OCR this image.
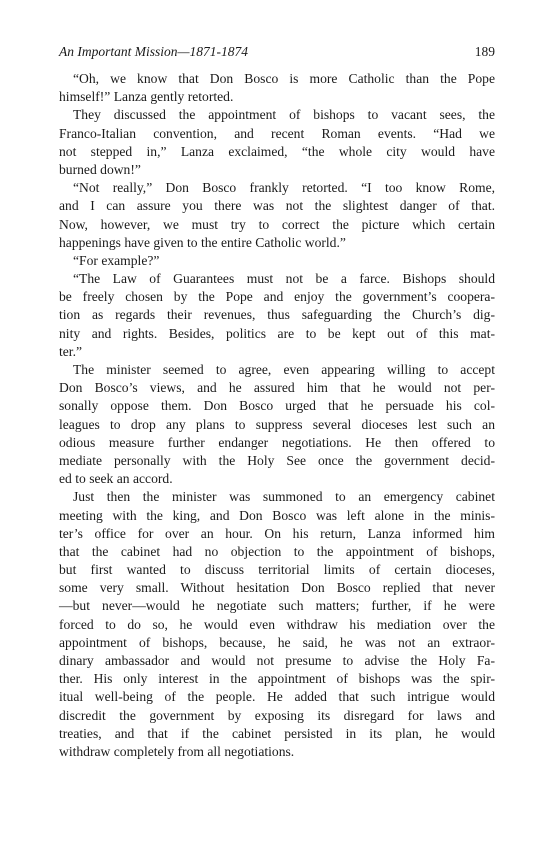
An Important Mission—1871-1874	189
“Oh, we know that Don Bosco is more Catholic than the Pope
himself!” Lanza gently retorted.
They discussed the appointment of bishops to vacant sees, the
Franco-Italian convention, and recent Roman events. “Had we
not stepped in,” Lanza exclaimed, “the whole city would have
burned down!”
“Not really,” Don Bosco frankly retorted. “I too know Rome,
and I can assure you there was not the slightest danger of that.
Now, however, we must try to correct the picture which certain
happenings have given to the entire Catholic world.”
“For example?”
“The Law of Guarantees must not be a farce. Bishops should
be freely chosen by the Pope and enjoy the government’s coopera-
tion as regards their revenues, thus safeguarding the Church’s dig-
nity and rights. Besides, politics are to be kept out of this mat-
ter.”
The minister seemed to agree, even appearing willing to accept
Don Bosco’s views, and he assured him that he would not per-
sonally oppose them. Don Bosco urged that he persuade his col-
leagues to drop any plans to suppress several dioceses lest such an
odious measure further endanger negotiations. He then offered to
mediate personally with the Holy See once the government decid-
ed to seek an accord.
Just then the minister was summoned to an emergency cabinet
meeting with the king, and Don Bosco was left alone in the minis-
ter’s office for over an hour. On his return, Lanza informed him
that the cabinet had no objection to the appointment of bishops,
but first wanted to discuss territorial limits of certain dioceses,
some very small. Without hesitation Don Bosco replied that never
—but never—would he negotiate such matters; further, if he were
forced to do so, he would even withdraw his mediation over the
appointment of bishops, because, he said, he was not an extraor-
dinary ambassador and would not presume to advise the Holy Fa-
ther. His only interest in the appointment of bishops was the spir-
itual well-being of the people. He added that such intrigue would
discredit the government by exposing its disregard for laws and
treaties, and that if the cabinet persisted in its plan, he would
withdraw completely from all negotiations.
